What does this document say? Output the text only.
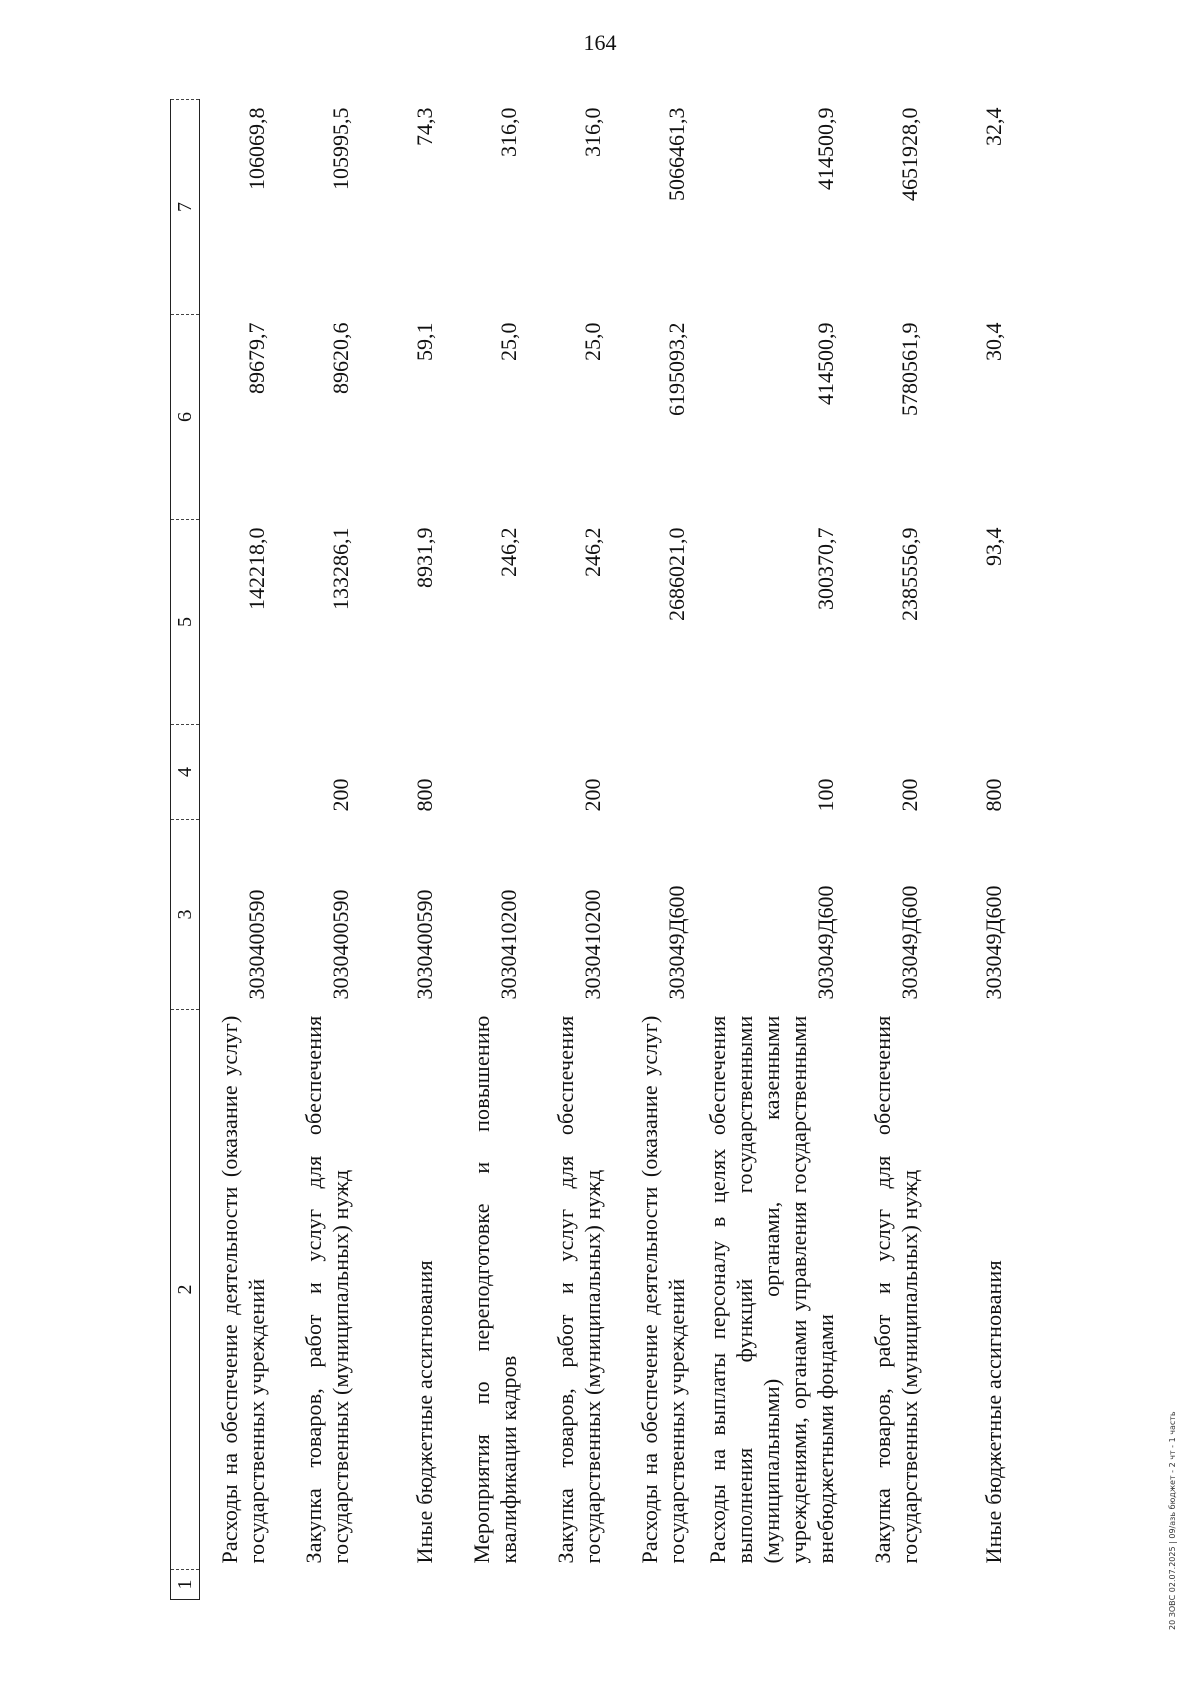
164
1	2	3	4	5	6	7
	Расходы на обеспечение деятельности (оказание услуг) государственных учреждений	3030400590		142218,0	89679,7	106069,8
	Закупка товаров, работ и услуг для обеспечения государственных (муниципальных) нужд	3030400590	200	133286,1	89620,6	105995,5
	Иные бюджетные ассигнования	3030400590	800	8931,9	59,1	74,3
	Мероприятия по переподготовке и повышению квалификации кадров	3030410200		246,2	25,0	316,0
	Закупка товаров, работ и услуг для обеспечения государственных (муниципальных) нужд	3030410200	200	246,2	25,0	316,0
	Расходы на обеспечение деятельности (оказание услуг) государственных учреждений	303049Д600		2686021,0	6195093,2	5066461,3
	Расходы на выплаты персоналу в целях обеспечения выполнения функций государственными (муниципальными) органами, казенными учреждениями, органами управления государственными внебюджетными фондами	303049Д600	100	300370,7	414500,9	414500,9
	Закупка товаров, работ и услуг для обеспечения государственных (муниципальных) нужд	303049Д600	200	2385556,9	5780561,9	4651928,0
	Иные бюджетные ассигнования	303049Д600	800	93,4	30,4	32,4
20 ЗОВС 02.07.2025 | 09/азь бюджет - 2 чт - 1 часть
